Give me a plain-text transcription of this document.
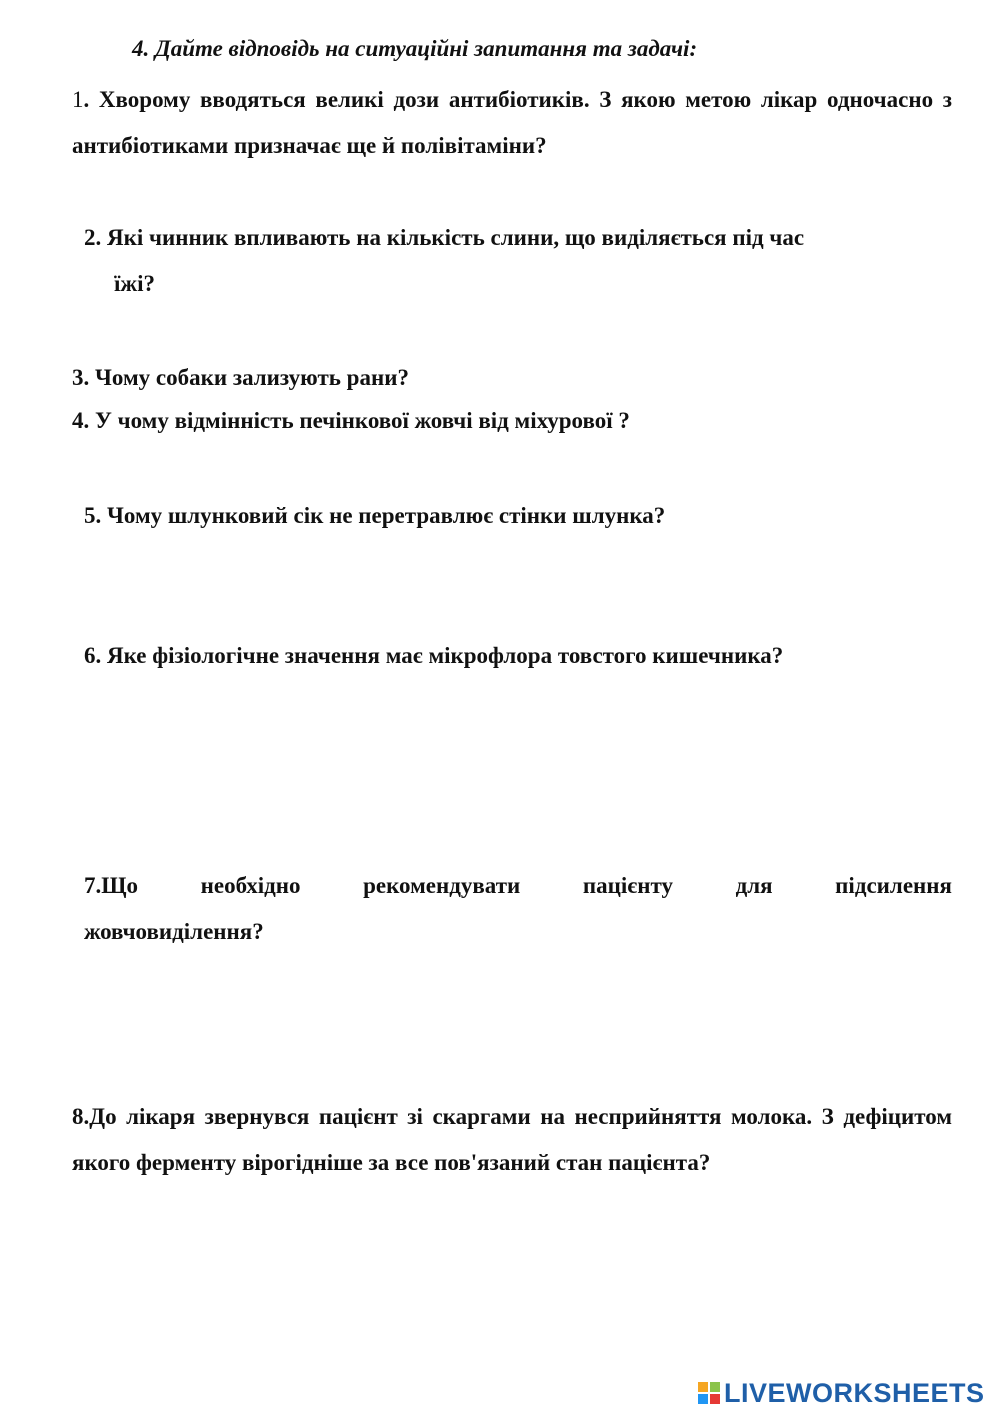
4. Дайте відповідь на ситуаційні запитання та задачі:

1. Хворому вводяться великі дози антибіотиків. З якою метою лікар одночасно з антибіотиками призначає ще й полівітаміни?

2. Які чинник впливають на кількість слини, що виділяється під час
їжі?

3. Чому собаки зализують рани?

4. У чому відмінність печінкової жовчі від міхурової ?

5. Чому шлунковий сік не перетравлює стінки шлунка?

6. Яке фізіологічне значення має мікрофлора товстого кишечника?

7.Що	необхідно	рекомендувати	пацієнту	для	підсилення
жовчовиділення?

8.До лікаря звернувся пацієнт зі скаргами на несприйняття молока. З дефіцитом якого ферменту вірогідніше за все пов'язаний стан пацієнта?

LIVEWORKSHEETS
